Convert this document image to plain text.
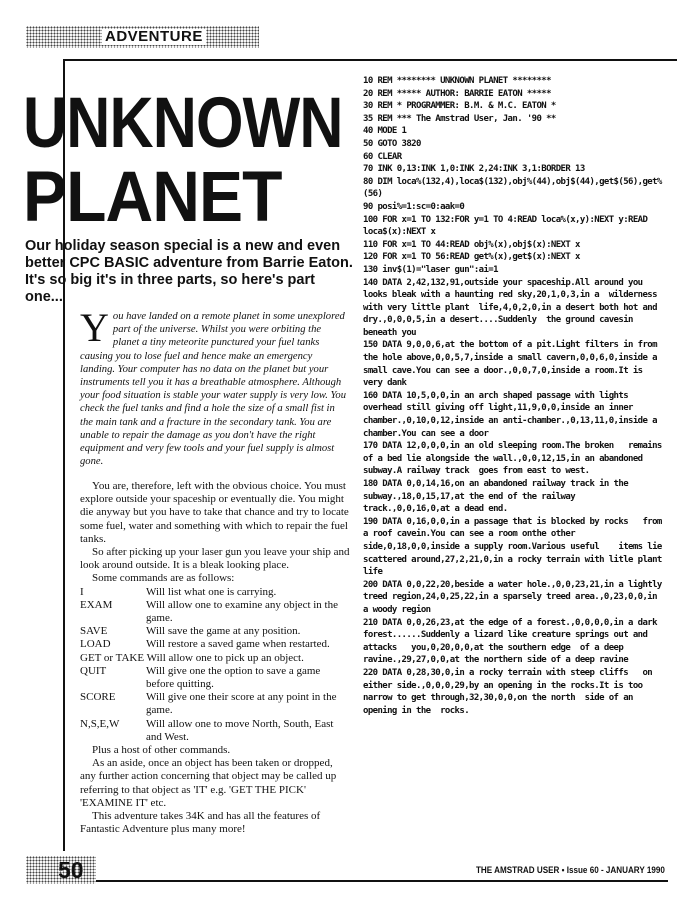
ADVENTURE
UNKNOWN
PLANET
Our holiday season special is a new and even better CPC BASIC adventure from Barrie Eaton. It's so big it's in three parts, so here's part one...
Y ou have landed on a remote planet in some unexplored part of the universe. Whilst you were orbiting the planet a tiny meteorite punctured your fuel tanks causing you to lose fuel and hence make an emergency landing. Your computer has no data on the planet but your instruments tell you it has a breathable atmosphere. Although your food situation is stable your water supply is very low. You check the fuel tanks and find a hole the size of a small fist in the main tank and a fracture in the secondary tank. You are unable to repair the damage as you don't have the right equipment and very few tools and your fuel supply is almost gone.

You are, therefore, left with the obvious choice. You must explore outside your spaceship or eventually die. You might die anyway but you have to take that chance and try to locate some fuel, water and something with which to repair the fuel tanks.

So after picking up your laser gun you leave your ship and look around outside. It is a bleak looking place.

Some commands are as follows:

I	Will list what one is carrying.
EXAM	Will allow one to examine any object in the game.
SAVE	Will save the game at any position.
LOAD	Will restore a saved game when restarted.

GET or TAKE Will allow one to pick up an object.

QUIT	Will give one the option to save a game before quitting.
SCORE	Will give one their score at any point in the game.
N,S,E,W	Will allow one to move North, South, East and West.

Plus a host of other commands.

As an aside, once an object has been taken or dropped, any further action concerning that object may be called up referring to that object as 'IT' e.g. 'GET THE PICK' 'EXAMINE IT' etc.

This adventure takes 34K and has all the features of Fantastic Adventure plus many more!

10 REM ******** UNKNOWN PLANET ********

20 REM ***** AUTHOR: BARRIE EATON *****

30 REM * PROGRAMMER: B.M. & M.C. EATON *

35 REM *** The Amstrad User, Jan. '90 **

40 MODE 1

50 GOTO 3820

60 CLEAR

70 INK 0,13:INK 1,0:INK 2,24:INK 3,1:BORDER 13

80 DIM loca%(132,4),loca$(132),obj%(44),obj$(44),get$(56),get%(56)

90 posi%=1:sc=0:aak=0

100 FOR x=1 TO 132:FOR y=1 TO 4:READ loca%(x,y):NEXT y:READ loca$(x):NEXT x

110 FOR x=1 TO 44:READ obj%(x),obj$(x):NEXT x

120 FOR x=1 TO 56:READ get%(x),get$(x):NEXT x

130 inv$(1)="laser gun":ai=1

140 DATA 2,42,132,91,outside your spaceship.All around you   looks bleak with a haunting red sky,20,1,0,3,in a  wilderness with very little plant  life,4,0,2,0,in a desert both hot and dry.,0,0,0,5,in a desert....Suddenly  the ground cavesin beneath you

150 DATA 9,0,0,6,at the bottom of a pit.Light filters in from the hole above,0,0,5,7,inside a small cavern,0,0,6,0,inside a small cave.You can see a door.,0,0,7,0,inside a room.It is very dank

160 DATA 10,5,0,0,in an arch shaped passage with lights   overhead still giving off light,11,9,0,0,inside an inner chamber.,0,10,0,12,inside an anti-chamber.,0,13,11,0,inside a chamber.You can see a door

170 DATA 12,0,0,0,in an old sleeping room.The broken   remains of a bed lie alongside the wall.,0,0,12,15,in an abandoned subway.A railway track  goes from east to west.

180 DATA 0,0,14,16,on an abandoned railway track in the   subway.,18,0,15,17,at the end of the railway track.,0,0,16,0,at a dead end.

190 DATA 0,16,0,0,in a passage that is blocked by rocks   from a roof cavein.You can see a room onthe other side,0,18,0,0,inside a supply room.Various useful    items lie scattered around,27,2,21,0,in a rocky terrain with litle plant life

200 DATA 0,0,22,20,beside a water hole.,0,0,23,21,in a lightly treed region,24,0,25,22,in a sparsely treed area.,0,23,0,0,in a woody region

210 DATA 0,0,26,23,at the edge of a forest.,0,0,0,0,in a dark forest......Suddenly a lizard like creature springs out and attacks   you,0,20,0,0,at the southern edge  of a deep ravine.,29,27,0,0,at the northern side of a deep ravine

220 DATA 0,28,30,0,in a rocky terrain with steep cliffs   on either side.,0,0,0,29,by an opening in the rocks.It is too    narrow to get through,32,30,0,0,on the north  side of an opening in the  rocks.

50	THE AMSTRAD USER • Issue 60 - JANUARY 1990
